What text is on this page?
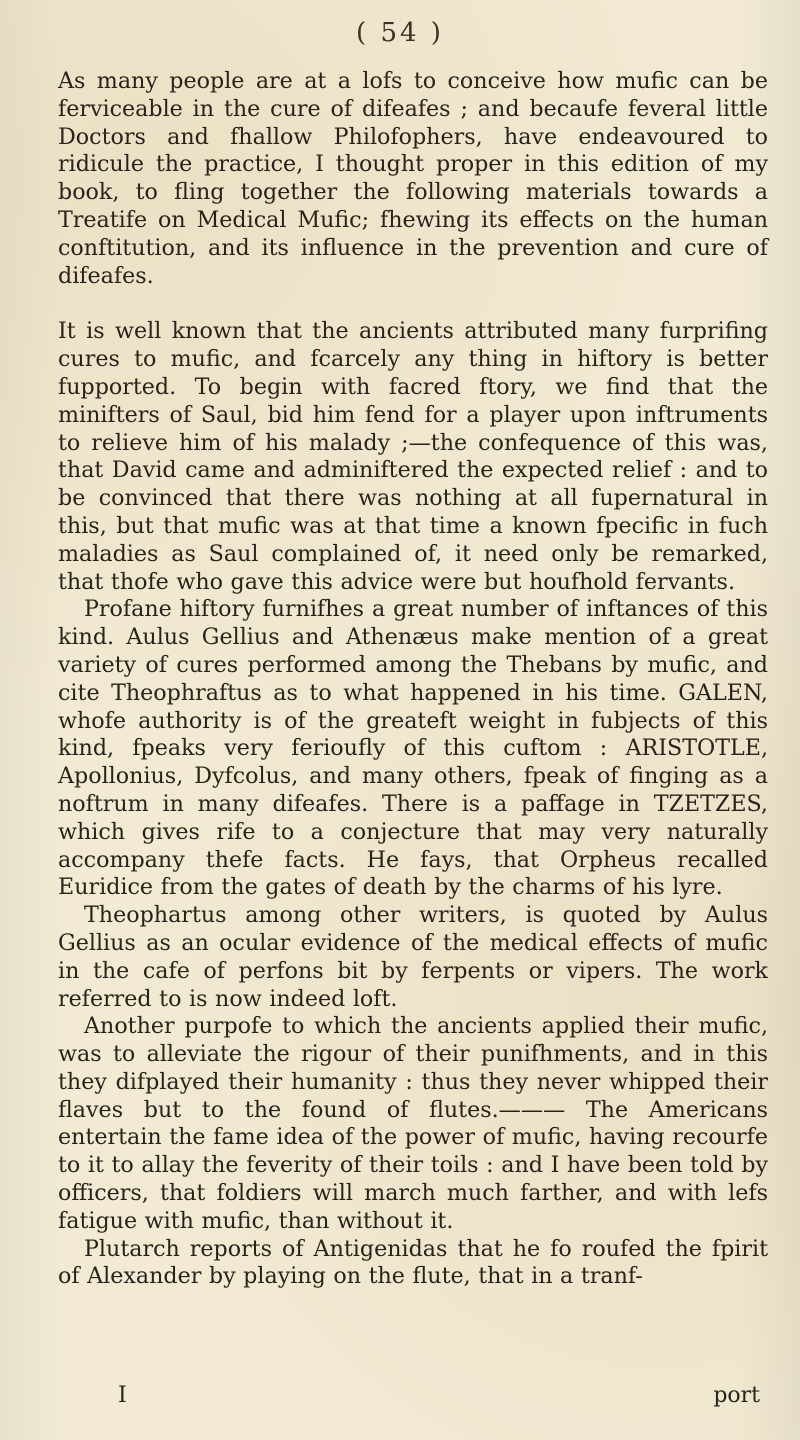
( 54 )

As many people are at a lofs to conceive how mufic can be ferviceable in the cure of difeafes ; and becaufe feveral little Doctors and fhallow Philofophers, have endeavoured to ridicule the practice, I thought proper in this edition of my book, to fling together the following materials towards a Treatife on Medical Mufic; fhewing its effects on the human conftitution, and its influence in the prevention and cure of difeafes.

It is well known that the ancients attributed many furprifing cures to mufic, and fcarcely any thing in hiftory is better fupported. To begin with facred ftory, we find that the minifters of Saul, bid him fend for a player upon inftruments to relieve him of his malady ;—the confequence of this was, that David came and adminiftered the expected relief : and to be convinced that there was nothing at all fupernatural in this, but that mufic was at that time a known fpecific in fuch maladies as Saul complained of, it need only be remarked, that thofe who gave this advice were but houfhold fervants.

Profane hiftory furnifhes a great number of inftances of this kind. Aulus Gellius and Athenæus make mention of a great variety of cures performed among the Thebans by mufic, and cite Theophraftus as to what happened in his time. GALEN, whofe authority is of the greateft weight in fubjects of this kind, fpeaks very ferioufly of this cuftom : ARISTOTLE, Apollonius, Dyfcolus, and many others, fpeak of finging as a noftrum in many difeafes. There is a paffage in TZETZES, which gives rife to a conjecture that may very naturally accompany thefe facts. He fays, that Orpheus recalled Euridice from the gates of death by the charms of his lyre.

Theophartus among other writers, is quoted by Aulus Gellius as an ocular evidence of the medical effects of mufic in the cafe of perfons bit by ferpents or vipers. The work referred to is now indeed loft.

Another purpofe to which the ancients applied their mufic, was to alleviate the rigour of their punifhments, and in this they difplayed their humanity : thus they never whipped their flaves but to the found of flutes.——— The Americans entertain the fame idea of the power of mufic, having recourfe to it to allay the feverity of their toils : and I have been told by officers, that foldiers will march much farther, and with lefs fatigue with mufic, than without it.

Plutarch reports of Antigenidas that he fo roufed the fpirit of Alexander by playing on the flute, that in a tranf-

I	port
